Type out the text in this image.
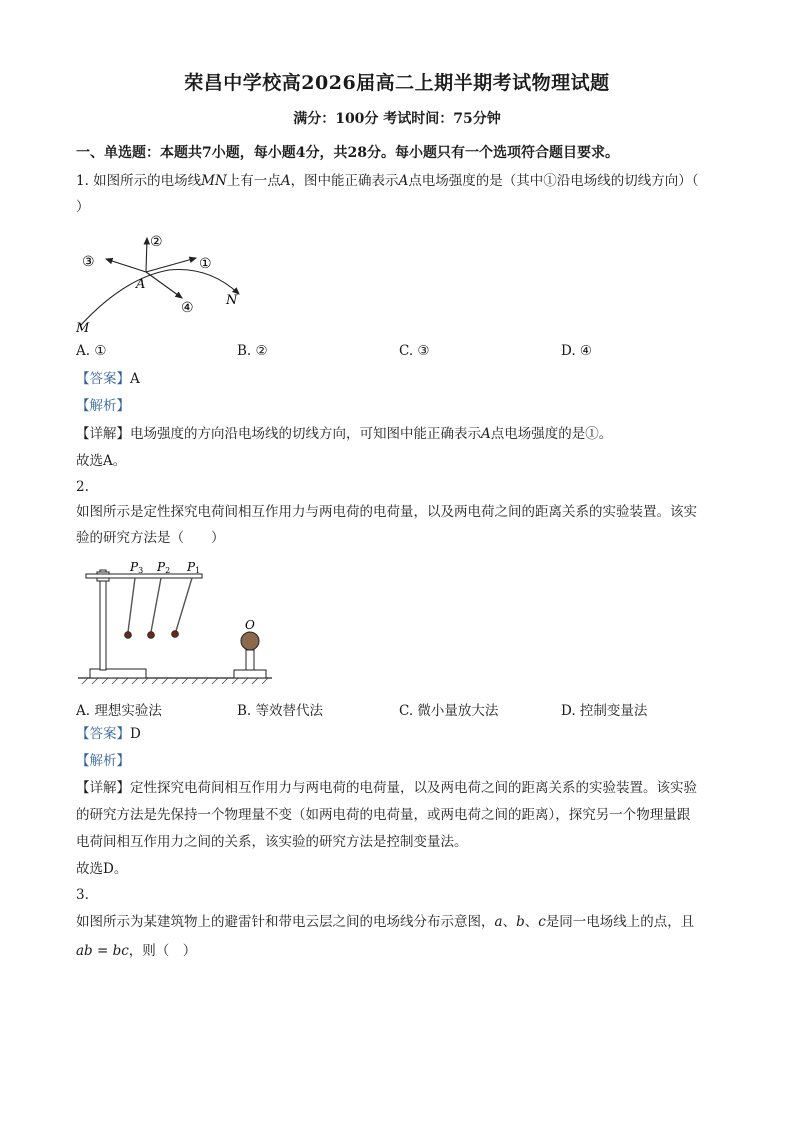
荣昌中学校高2026届高二上期半期考试物理试题
满分：100分 考试时间：75分钟
一、单选题：本题共7小题，每小题4分，共28分。每小题只有一个选项符合题目要求。
1. 如图所示的电场线MN上有一点A，图中能正确表示A点电场强度的是（其中①沿电场线的切线方向）（
）
②
①
③
④
A
M
N
A. ①	B. ②	C. ③	D. ④
【答案】A
【解析】
【详解】电场强度的方向沿电场线的切线方向，可知图中能正确表示A点电场强度的是①。
故选A。
2.
如图所示是定性探究电荷间相互作用力与两电荷的电荷量，以及两电荷之间的距离关系的实验装置。该实
验的研究方法是（　　）
P3 P2 P1
O
A. 理想实验法	B. 等效替代法	C. 微小量放大法	D. 控制变量法
【答案】D
【解析】
【详解】定性探究电荷间相互作用力与两电荷的电荷量，以及两电荷之间的距离关系的实验装置。该实验
的研究方法是先保持一个物理量不变（如两电荷的电荷量，或两电荷之间的距离），探究另一个物理量跟
电荷间相互作用力之间的关系，该实验的研究方法是控制变量法。
故选D。
3.
如图所示为某建筑物上的避雷针和带电云层之间的电场线分布示意图，a、b、c是同一电场线上的点，且
ab = bc，则（　）
